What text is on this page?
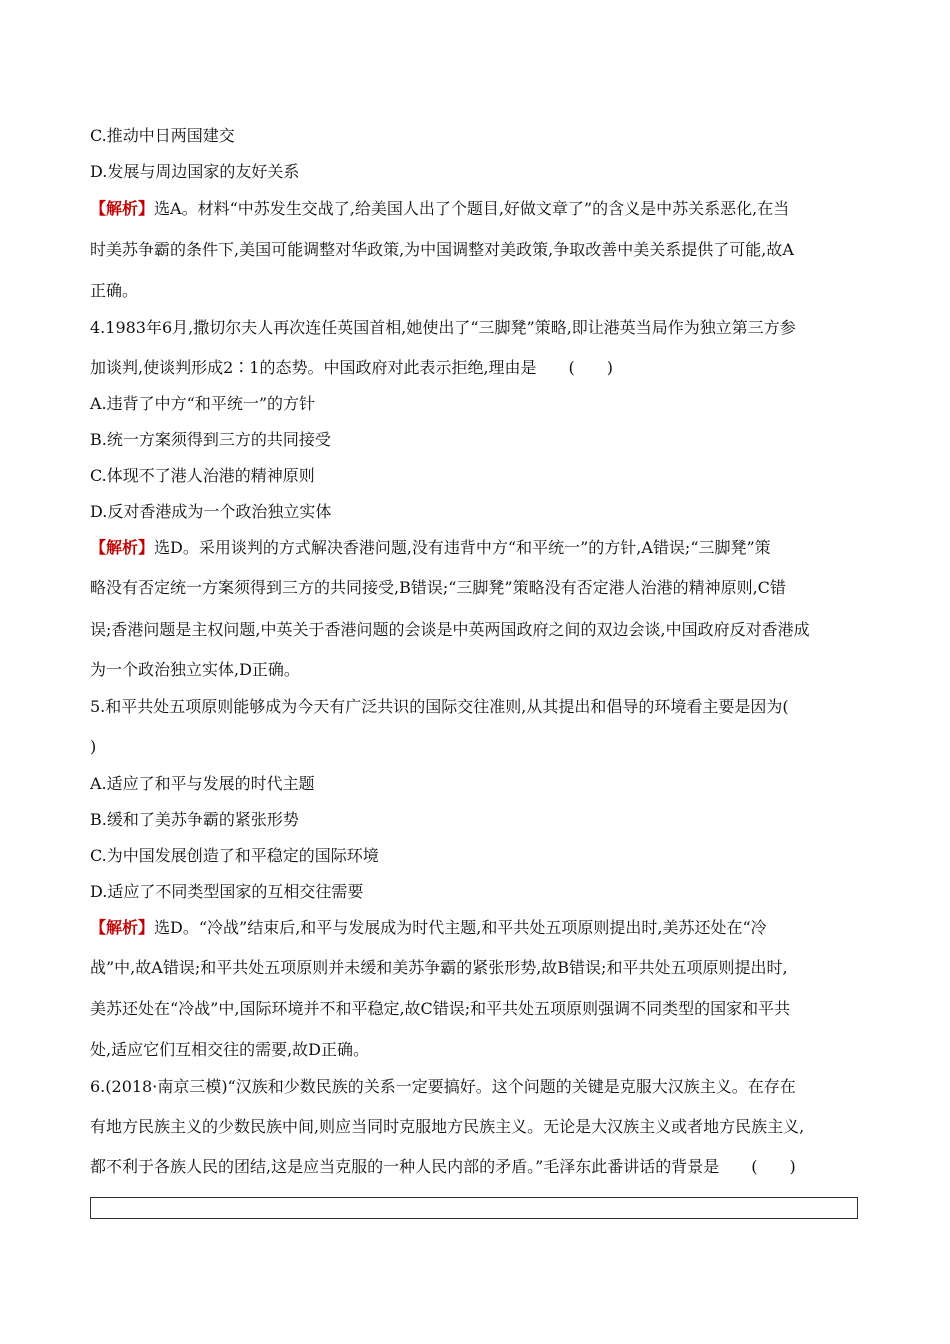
C.推动中日两国建交
D.发展与周边国家的友好关系
【解析】选A。材料“中苏发生交战了,给美国人出了个题目,好做文章了”的含义是中苏关系恶化,在当
时美苏争霸的条件下,美国可能调整对华政策,为中国调整对美政策,争取改善中美关系提供了可能,故A
正确。
4.1983年6月,撒切尔夫人再次连任英国首相,她使出了“三脚凳”策略,即让港英当局作为独立第三方参
加谈判,使谈判形成2∶1的态势。中国政府对此表示拒绝,理由是　　(　　)
A.违背了中方“和平统一”的方针
B.统一方案须得到三方的共同接受
C.体现不了港人治港的精神原则
D.反对香港成为一个政治独立实体
【解析】选D。采用谈判的方式解决香港问题,没有违背中方“和平统一”的方针,A错误;“三脚凳”策
略没有否定统一方案须得到三方的共同接受,B错误;“三脚凳”策略没有否定港人治港的精神原则,C错
误;香港问题是主权问题,中英关于香港问题的会谈是中英两国政府之间的双边会谈,中国政府反对香港成
为一个政治独立实体,D正确。
5.和平共处五项原则能够成为今天有广泛共识的国际交往准则,从其提出和倡导的环境看主要是因为(
)
A.适应了和平与发展的时代主题
B.缓和了美苏争霸的紧张形势
C.为中国发展创造了和平稳定的国际环境
D.适应了不同类型国家的互相交往需要
【解析】选D。“冷战”结束后,和平与发展成为时代主题,和平共处五项原则提出时,美苏还处在“冷
战”中,故A错误;和平共处五项原则并未缓和美苏争霸的紧张形势,故B错误;和平共处五项原则提出时,
美苏还处在“冷战”中,国际环境并不和平稳定,故C错误;和平共处五项原则强调不同类型的国家和平共
处,适应它们互相交往的需要,故D正确。
6.(2018·南京三模)“汉族和少数民族的关系一定要搞好。这个问题的关键是克服大汉族主义。在存在
有地方民族主义的少数民族中间,则应当同时克服地方民族主义。无论是大汉族主义或者地方民族主义,
都不利于各族人民的团结,这是应当克服的一种人民内部的矛盾。”毛泽东此番讲话的背景是　　(　　)
